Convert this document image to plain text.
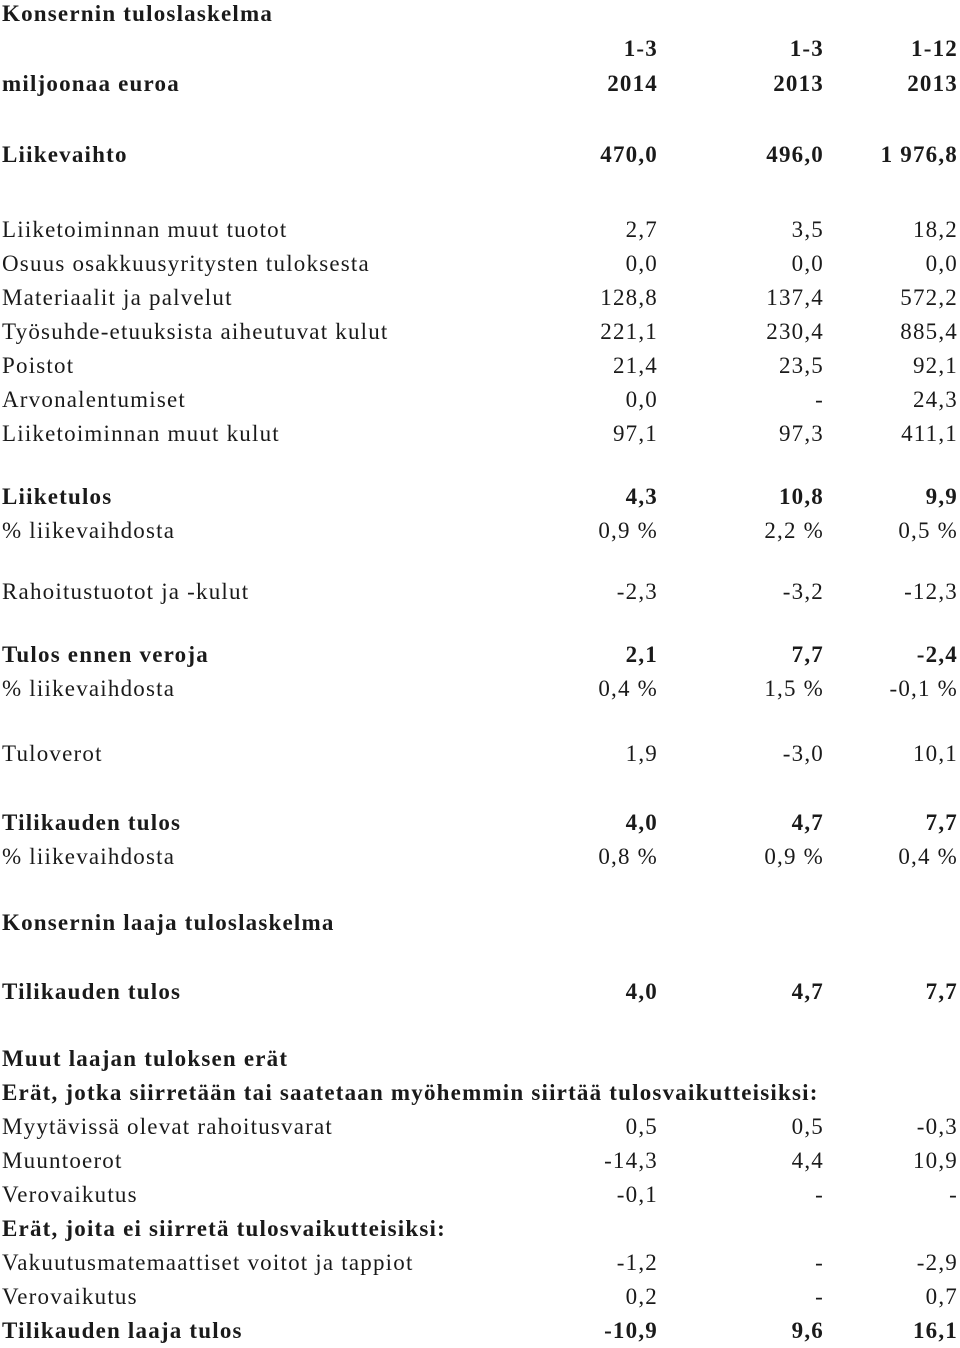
Konsernin tuloslaskelma
1-3	1-3	1-12
miljoonaa euroa	2014	2013	2013
Liikevaihto	470,0	496,0	1 976,8
Liiketoiminnan muut tuotot	2,7	3,5	18,2
Osuus osakkuusyritysten tuloksesta	0,0	0,0	0,0
Materiaalit ja palvelut	128,8	137,4	572,2
Työsuhde-etuuksista aiheutuvat kulut	221,1	230,4	885,4
Poistot	21,4	23,5	92,1
Arvonalentumiset	0,0	-	24,3
Liiketoiminnan muut kulut	97,1	97,3	411,1
Liiketulos	4,3	10,8	9,9
% liikevaihdosta	0,9 %	2,2 %	0,5 %
Rahoitustuotot ja -kulut	-2,3	-3,2	-12,3
Tulos ennen veroja	2,1	7,7	-2,4
% liikevaihdosta	0,4 %	1,5 %	-0,1 %
Tuloverot	1,9	-3,0	10,1
Tilikauden tulos	4,0	4,7	7,7
% liikevaihdosta	0,8 %	0,9 %	0,4 %
Konsernin laaja tuloslaskelma
Tilikauden tulos	4,0	4,7	7,7
Muut laajan tuloksen erät
Erät, jotka siirretään tai saatetaan myöhemmin siirtää tulosvaikutteisiksi:
Myytävissä olevat rahoitusvarat	0,5	0,5	-0,3
Muuntoerot	-14,3	4,4	10,9
Verovaikutus	-0,1	-	-
Erät, joita ei siirretä tulosvaikutteisiksi:
Vakuutusmatemaattiset voitot ja tappiot	-1,2	-	-2,9
Verovaikutus	0,2	-	0,7
Tilikauden laaja tulos	-10,9	9,6	16,1
